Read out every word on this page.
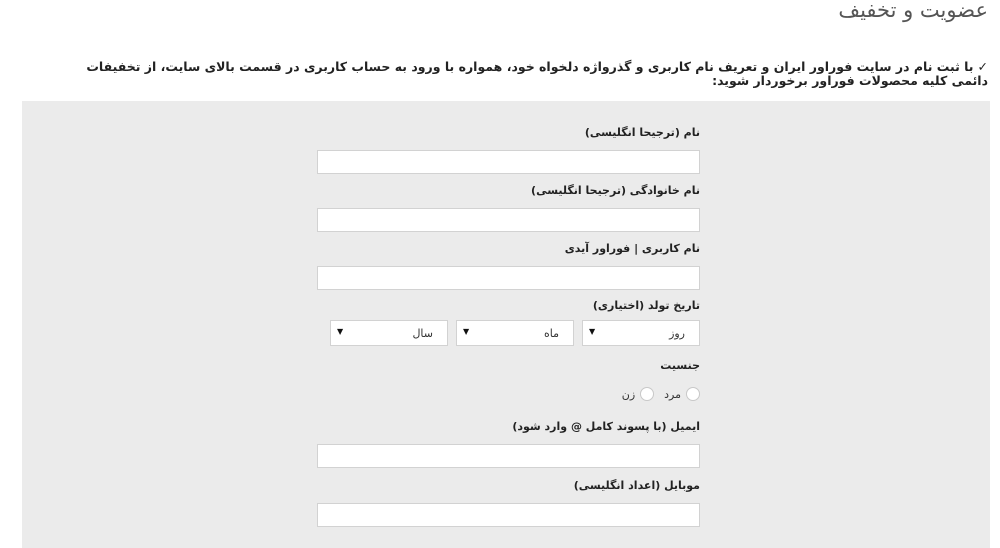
عضویت و تخفیف
✓با ثبت نام در سایت فوراور ایران و تعریف نام کاربری و گذرواژه دلخواه خود، همواره با ورود به حساب کاربری در قسمت بالای سایت، از تخفیفات دائمی کلیه محصولات فوراور برخوردار شوید:
نام (ترجیحا انگلیسی)
نام خانوادگی (ترجیحا انگلیسی)
نام کاربری | فوراور آیدی
تاریخ تولد (اختیاری)
روز
▼
ماه
▼
سال
▼
جنسیت
مرد
زن
ایمیل (با پسوند کامل @ وارد شود)
موبایل (اعداد انگلیسی)
